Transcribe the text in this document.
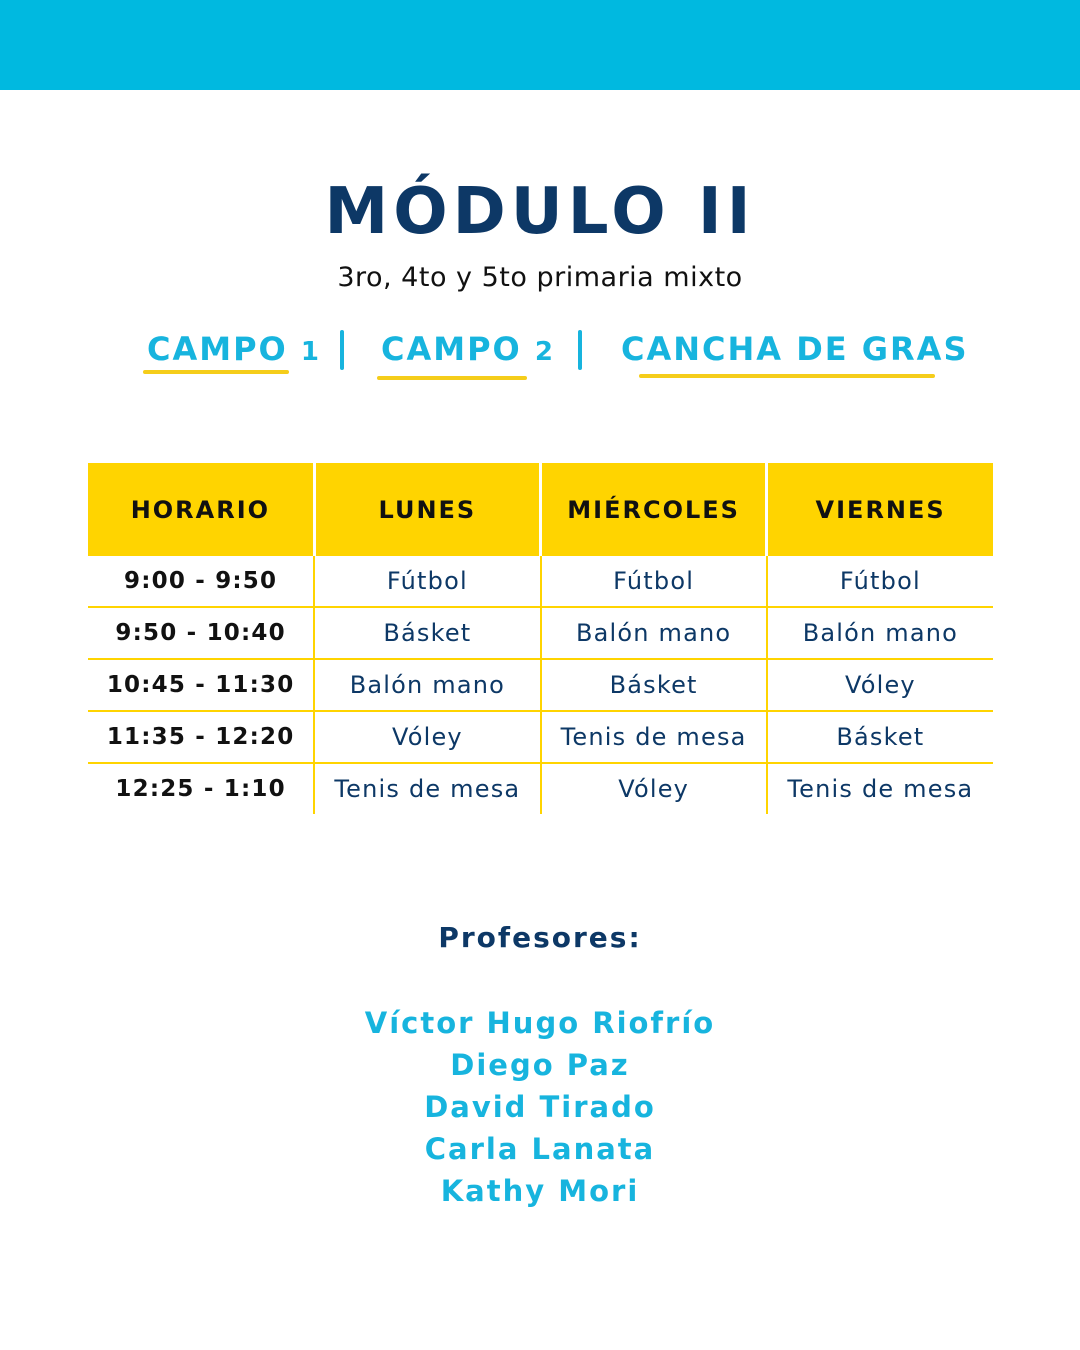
MÓDULO II
3ro, 4to y 5to primaria mixto
CAMPO 1 CAMPO 2 CANCHA DE GRAS
HORARIO	LUNES	MIÉRCOLES	VIERNES
9:00 - 9:50	Fútbol	Fútbol	Fútbol
9:50 - 10:40	Básket	Balón mano	Balón mano
10:45 - 11:30	Balón mano	Básket	Vóley
11:35 - 12:20	Vóley	Tenis de mesa	Básket
12:25 - 1:10	Tenis de mesa	Vóley	Tenis de mesa
Profesores:
Víctor Hugo Riofrío
Diego Paz
David Tirado
Carla Lanata
Kathy Mori
